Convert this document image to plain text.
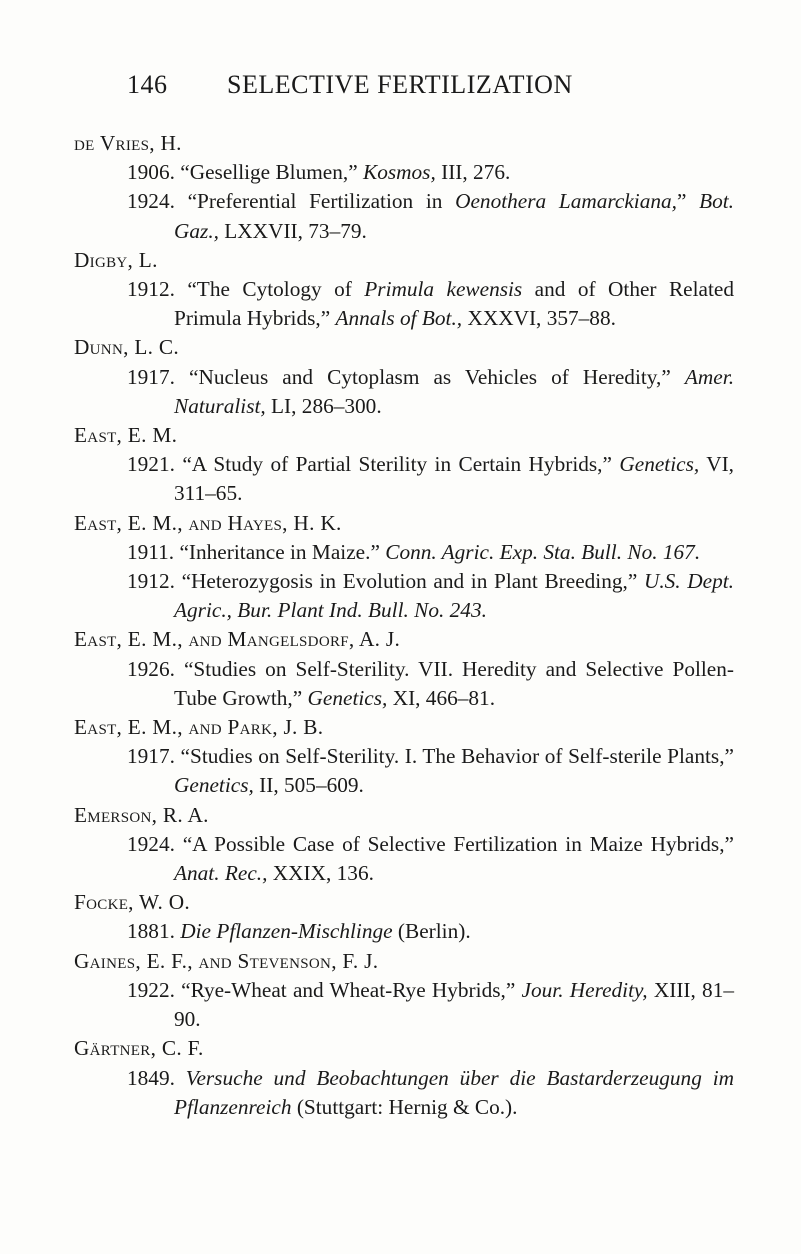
146 SELECTIVE FERTILIZATION
de Vries, H.
1906. “Gesellige Blumen,” Kosmos, III, 276.
1924. “Preferential Fertilization in Oenothera Lamarckiana,” Bot. Gaz., LXXVII, 73–79.
Digby, L.
1912. “The Cytology of Primula kewensis and of Other Related Primula Hybrids,” Annals of Bot., XXXVI, 357–88.
Dunn, L. C.
1917. “Nucleus and Cytoplasm as Vehicles of Heredity,” Amer. Naturalist, LI, 286–300.
East, E. M.
1921. “A Study of Partial Sterility in Certain Hybrids,” Genetics, VI, 311–65.
East, E. M., and Hayes, H. K.
1911. “Inheritance in Maize.” Conn. Agric. Exp. Sta. Bull. No. 167.
1912. “Heterozygosis in Evolution and in Plant Breeding,” U.S. Dept. Agric., Bur. Plant Ind. Bull. No. 243.
East, E. M., and Mangelsdorf, A. J.
1926. “Studies on Self-Sterility. VII. Heredity and Selective Pollen-Tube Growth,” Genetics, XI, 466–81.
East, E. M., and Park, J. B.
1917. “Studies on Self-Sterility. I. The Behavior of Self-sterile Plants,” Genetics, II, 505–609.
Emerson, R. A.
1924. “A Possible Case of Selective Fertilization in Maize Hybrids,” Anat. Rec., XXIX, 136.
Focke, W. O.
1881. Die Pflanzen-Mischlinge (Berlin).
Gaines, E. F., and Stevenson, F. J.
1922. “Rye-Wheat and Wheat-Rye Hybrids,” Jour. Heredity, XIII, 81–90.
Gärtner, C. F.
1849. Versuche und Beobachtungen über die Bastarderzeugung im Pflanzenreich (Stuttgart: Hernig & Co.).
